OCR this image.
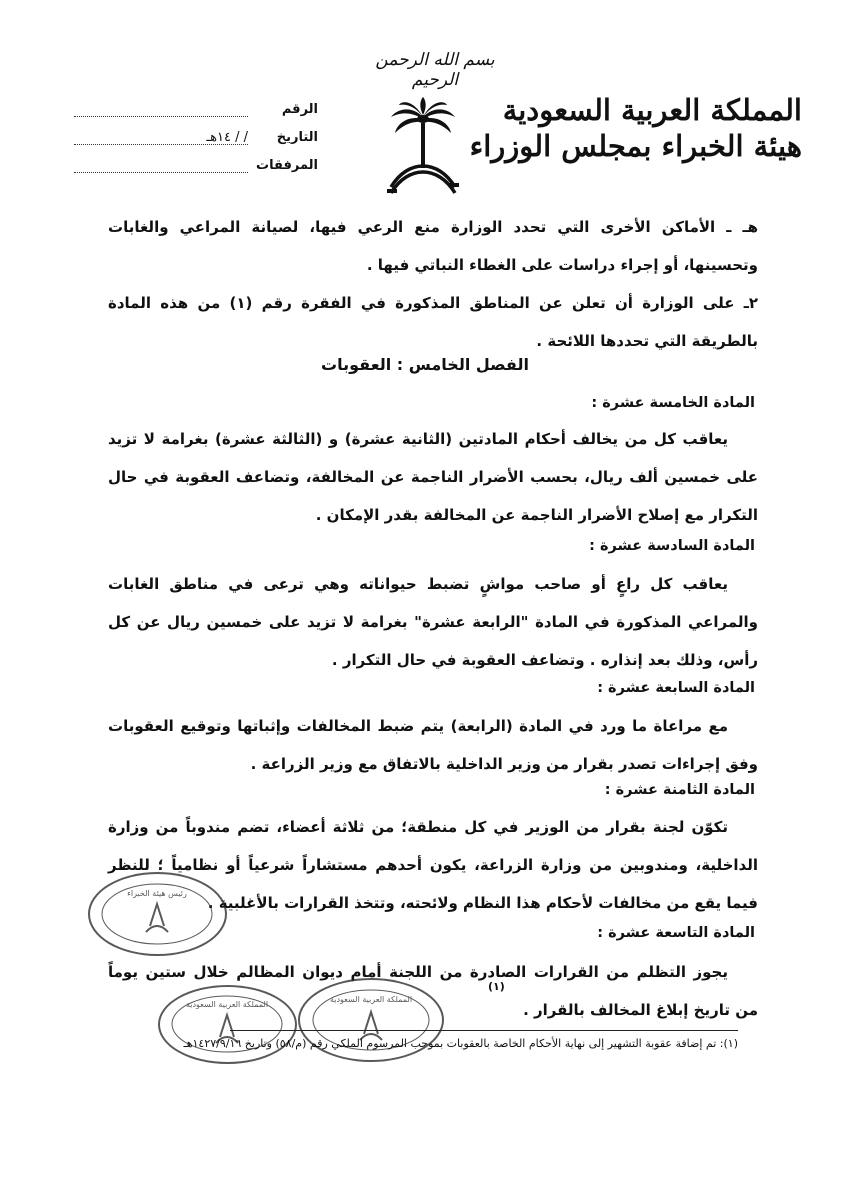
بسم الله الرحمن الرحيم
المملكة العربية السعودية
هيئة الخبراء بمجلس الوزراء
الرقم
التاريخ
/ / ١٤هـ
المرفقات
هـ ـ الأماكن الأخرى التي تحدد الوزارة منع الرعي فيها، لصيانة المراعي والغابات وتحسينها، أو إجراء دراسات على الغطاء النباتي فيها .
٢ـ على الوزارة أن تعلن عن المناطق المذكورة في الفقرة رقم (١) من هذه المادة بالطريقة التي تحددها اللائحة .
الفصل الخامس : العقوبات
المادة الخامسة عشرة :
يعاقب كل من يخالف أحكام المادتين (الثانية عشرة) و (الثالثة عشرة) بغرامة لا تزيد على خمسين ألف ريال، بحسب الأضرار الناجمة عن المخالفة، وتضاعف العقوبة في حال التكرار مع إصلاح الأضرار الناجمة عن المخالفة بقدر الإمكان .
المادة السادسة عشرة :
يعاقب كل راعٍ أو صاحب مواشٍ تضبط حيواناته وهي ترعى في مناطق الغابات والمراعي المذكورة في المادة "الرابعة عشرة" بغرامة لا تزيد على خمسين ريال عن كل رأس، وذلك بعد إنذاره . وتضاعف العقوبة في حال التكرار .
المادة السابعة عشرة :
مع مراعاة ما ورد في المادة (الرابعة) يتم ضبط المخالفات وإثباتها وتوقيع العقوبات وفق إجراءات تصدر بقرار من وزير الداخلية بالاتفاق مع وزير الزراعة .
المادة الثامنة عشرة :
تكوّن لجنة بقرار من الوزير في كل منطقة؛ من ثلاثة أعضاء، تضم مندوباً من وزارة الداخلية، ومندوبين من وزارة الزراعة، يكون أحدهم مستشاراً شرعياً أو نظامياً ؛ للنظر فيما يقع من مخالفات لأحكام هذا النظام ولائحته، وتتخذ القرارات بالأغلبية .
المادة التاسعة عشرة :
يجوز التظلم من القرارات الصادرة من اللجنة أمام ديوان المظالم خلال ستين يوماً من تاريخ إبلاغ المخالف بالقرار .
(١)
رئيس هيئة الخبراء
المملكة العربية السعودية
المملكة العربية السعودية
(١): تم إضافة عقوبة التشهير إلى نهاية الأحكام الخاصة بالعقوبات بموجب المرسوم الملكي رقم (م/٥٨) وتاريخ ١٤٢٧/٩/١٦هـ
